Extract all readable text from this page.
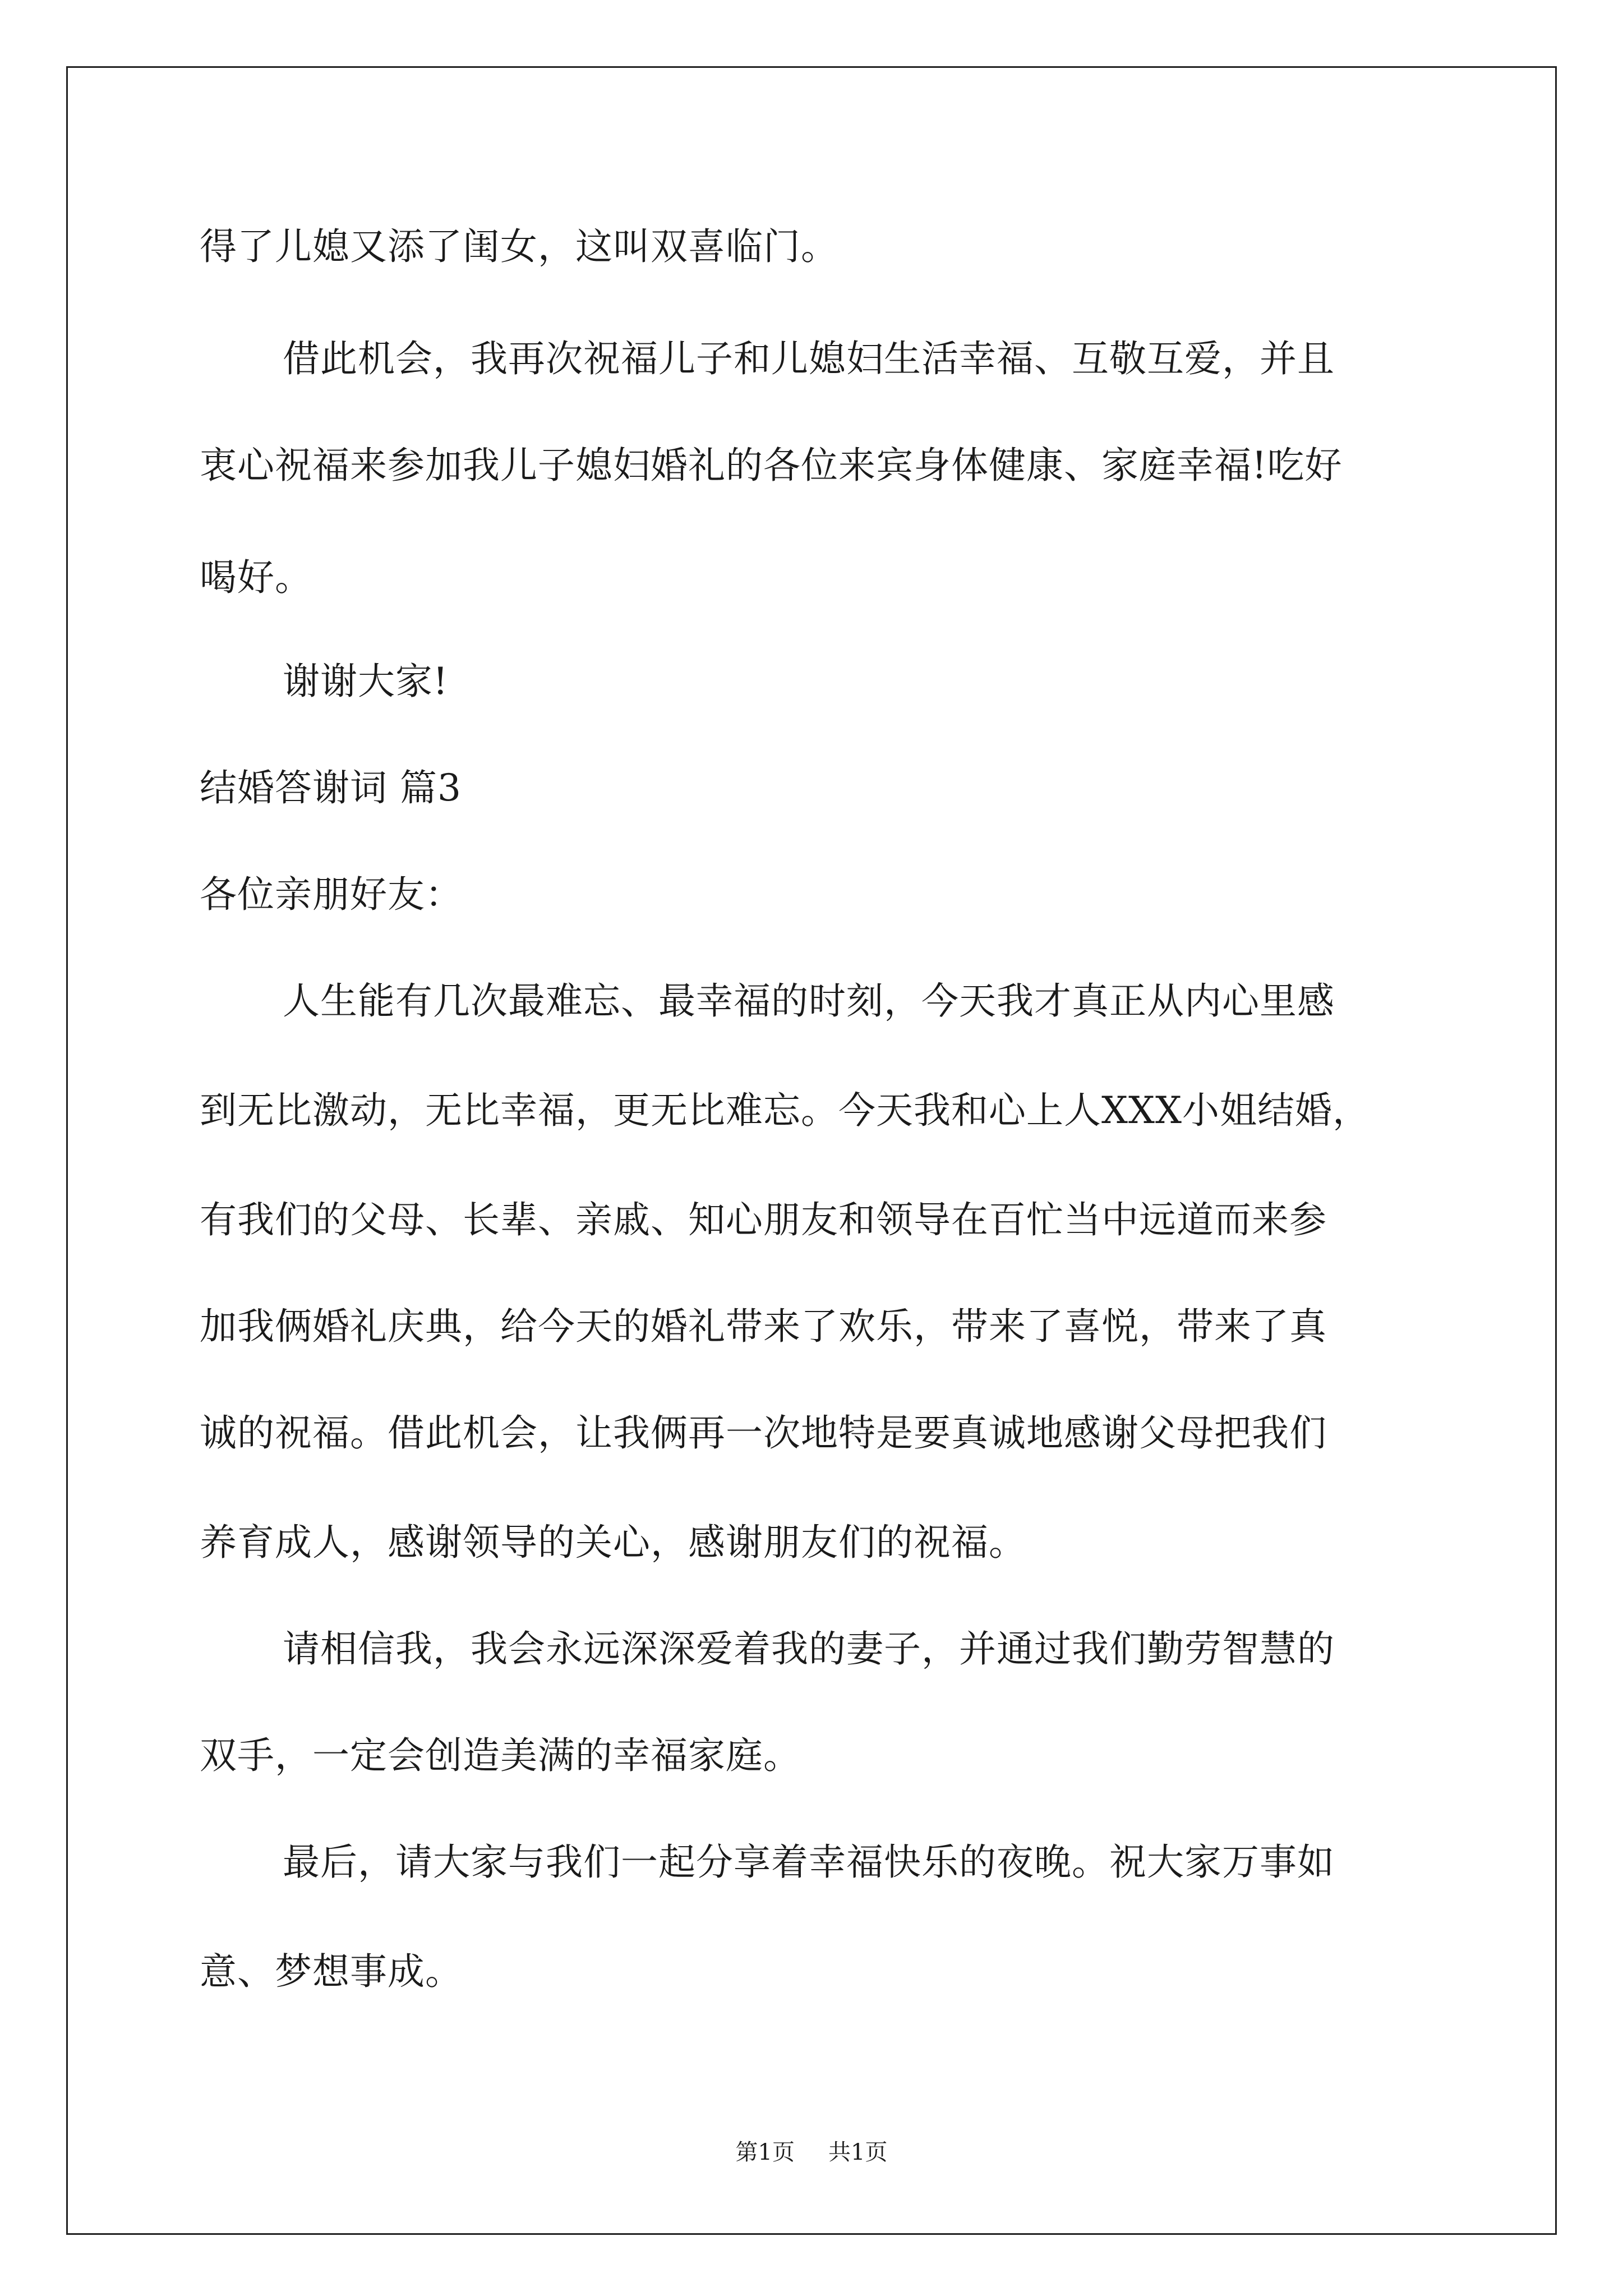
得了儿媳又添了闺女，这叫双喜临门。
借此机会，我再次祝福儿子和儿媳妇生活幸福、互敬互爱，并且
衷心祝福来参加我儿子媳妇婚礼的各位来宾身体健康、家庭幸福!吃好
喝好。
谢谢大家!
结婚答谢词 篇3
各位亲朋好友：
人生能有几次最难忘、最幸福的时刻，今天我才真正从内心里感
到无比激动，无比幸福，更无比难忘。今天我和心上人XXX小姐结婚，
有我们的父母、长辈、亲戚、知心朋友和领导在百忙当中远道而来参
加我俩婚礼庆典，给今天的婚礼带来了欢乐，带来了喜悦，带来了真
诚的祝福。借此机会，让我俩再一次地特是要真诚地感谢父母把我们
养育成人，感谢领导的关心，感谢朋友们的祝福。
请相信我，我会永远深深爱着我的妻子，并通过我们勤劳智慧的
双手，一定会创造美满的幸福家庭。
最后，请大家与我们一起分享着幸福快乐的夜晚。祝大家万事如
意、梦想事成。
第1页 共1页
